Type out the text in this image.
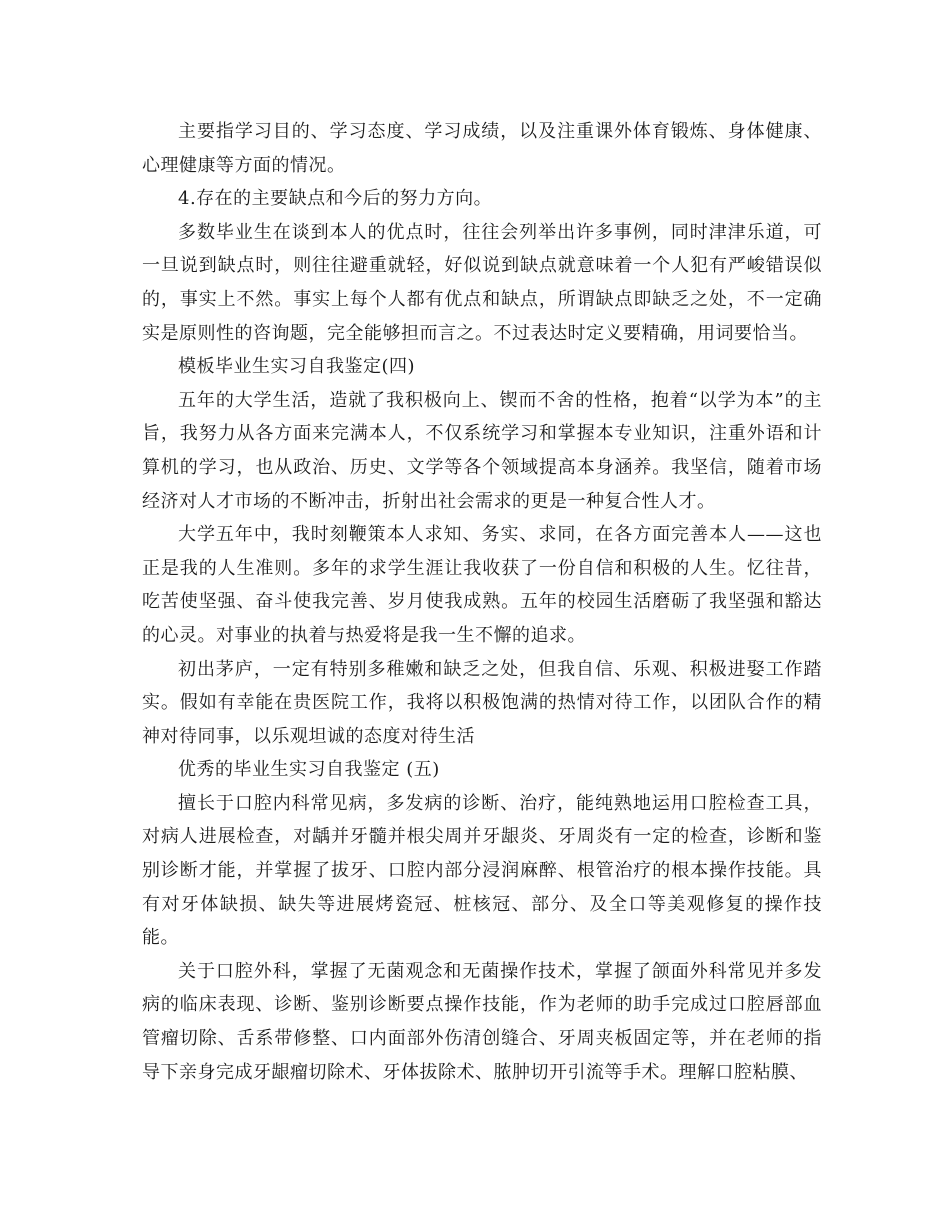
主要指学习目的、学习态度、学习成绩，以及注重课外体育锻炼、身体健康、心理健康等方面的情况。

4.存在的主要缺点和今后的努力方向。

多数毕业生在谈到本人的优点时，往往会列举出许多事例，同时津津乐道，可一旦说到缺点时，则往往避重就轻，好似说到缺点就意味着一个人犯有严峻错误似的，事实上不然。事实上每个人都有优点和缺点，所谓缺点即缺乏之处，不一定确实是原则性的咨询题，完全能够担而言之。不过表达时定义要精确，用词要恰当。

模板毕业生实习自我鉴定(四)

五年的大学生活，造就了我积极向上、锲而不舍的性格，抱着“以学为本”的主旨，我努力从各方面来完满本人，不仅系统学习和掌握本专业知识，注重外语和计算机的学习，也从政治、历史、文学等各个领域提高本身涵养。我坚信，随着市场经济对人才市场的不断冲击，折射出社会需求的更是一种复合性人才。

大学五年中，我时刻鞭策本人求知、务实、求同，在各方面完善本人——这也正是我的人生准则。多年的求学生涯让我收获了一份自信和积极的人生。忆往昔，吃苦使坚强、奋斗使我完善、岁月使我成熟。五年的校园生活磨砺了我坚强和豁达的心灵。对事业的执着与热爱将是我一生不懈的追求。

初出茅庐，一定有特别多稚嫩和缺乏之处，但我自信、乐观、积极进娶工作踏实。假如有幸能在贵医院工作，我将以积极饱满的热情对待工作，以团队合作的精神对待同事，以乐观坦诚的态度对待生活

优秀的毕业生实习自我鉴定 (五)

擅长于口腔内科常见病，多发病的诊断、治疗，能纯熟地运用口腔检查工具，对病人进展检查，对龋并牙髓并根尖周并牙龈炎、牙周炎有一定的检查，诊断和鉴别诊断才能，并掌握了拔牙、口腔内部分浸润麻醉、根管治疗的根本操作技能。具有对牙体缺损、缺失等进展烤瓷冠、桩核冠、部分、及全口等美观修复的操作技能。

关于口腔外科，掌握了无菌观念和无菌操作技术，掌握了颌面外科常见并多发病的临床表现、诊断、鉴别诊断要点操作技能，作为老师的助手完成过口腔唇部血管瘤切除、舌系带修整、口内面部外伤清创缝合、牙周夹板固定等，并在老师的指导下亲身完成牙龈瘤切除术、牙体拔除术、脓肿切开引流等手术。理解口腔粘膜、
